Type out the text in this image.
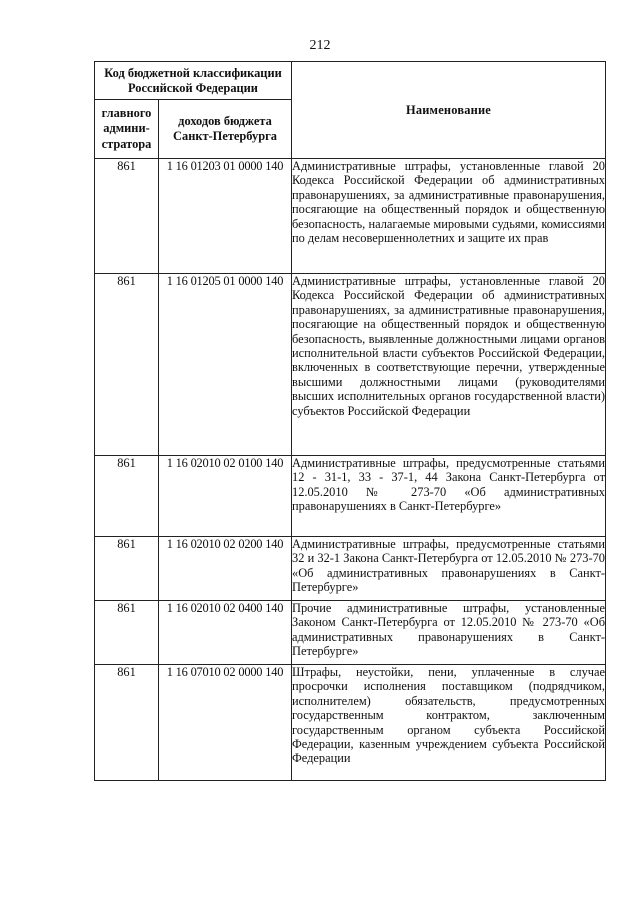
212
Код бюджетной классификации Российской Федерации		Наименование
главного админи-стратора	доходов бюджета Санкт-Петербурга	
861	1 16 01203 01 0000 140	Административные штрафы, установленные главой 20 Кодекса Российской Федерации об административных правонарушениях, за административные правонарушения, посягающие на общественный порядок и общественную безопасность, налагаемые мировыми судьями, комиссиями по делам несовершеннолетних и защите их прав
861	1 16 01205 01 0000 140	Административные штрафы, установленные главой 20 Кодекса Российской Федерации об административных правонарушениях, за административные правонарушения, посягающие на общественный порядок и общественную безопасность, выявленные должностными лицами органов исполнительной власти субъектов Российской Федерации, включенных в соответствующие перечни, утвержденные высшими должностными лицами (руководителями высших исполнительных органов государственной власти) субъектов Российской Федерации
861	1 16 02010 02 0100 140	Административные штрафы, предусмотренные статьями 12 - 31-1, 33 - 37-1, 44 Закона Санкт-Петербурга от 12.05.2010 № 273-70 «Об административных правонарушениях в Санкт-Петербурге»
861	1 16 02010 02 0200 140	Административные штрафы, предусмотренные статьями 32 и 32-1 Закона Санкт-Петербурга от 12.05.2010 № 273-70 «Об административных правонарушениях в Санкт-Петербурге»
861	1 16 02010 02 0400 140	Прочие административные штрафы, установленные Законом Санкт-Петербурга от 12.05.2010 № 273-70 «Об административных правонарушениях в Санкт-Петербурге»
861	1 16 07010 02 0000 140	Штрафы, неустойки, пени, уплаченные в случае просрочки исполнения поставщиком (подрядчиком, исполнителем) обязательств, предусмотренных государственным контрактом, заключенным государственным органом субъекта Российской Федерации, казенным учреждением субъекта Российской Федерации
